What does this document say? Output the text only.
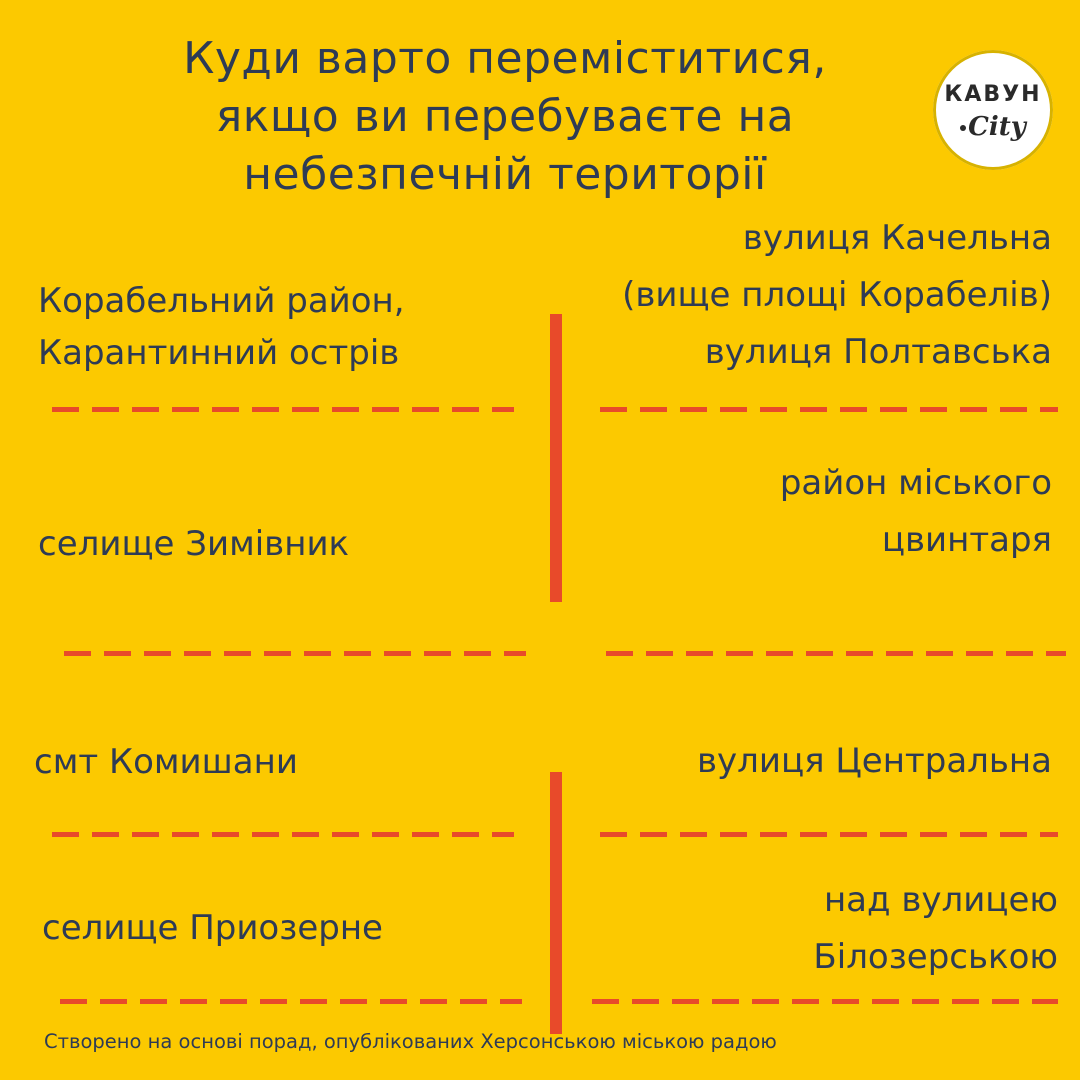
Куди варто переміститися,
якщо ви перебуваєте на
небезпечній території
КАВУН
City
Корабельний район,
Карантинний острів
вулиця Качельна
(вище площі Корабелів)
вулиця Полтавська
селище Зимівник
район міського
цвинтаря
смт Комишани	вулиця Центральна
селище Приозерне
над вулицею
Білозерською
Створено на основі порад, опублікованих Херсонською міською радою
